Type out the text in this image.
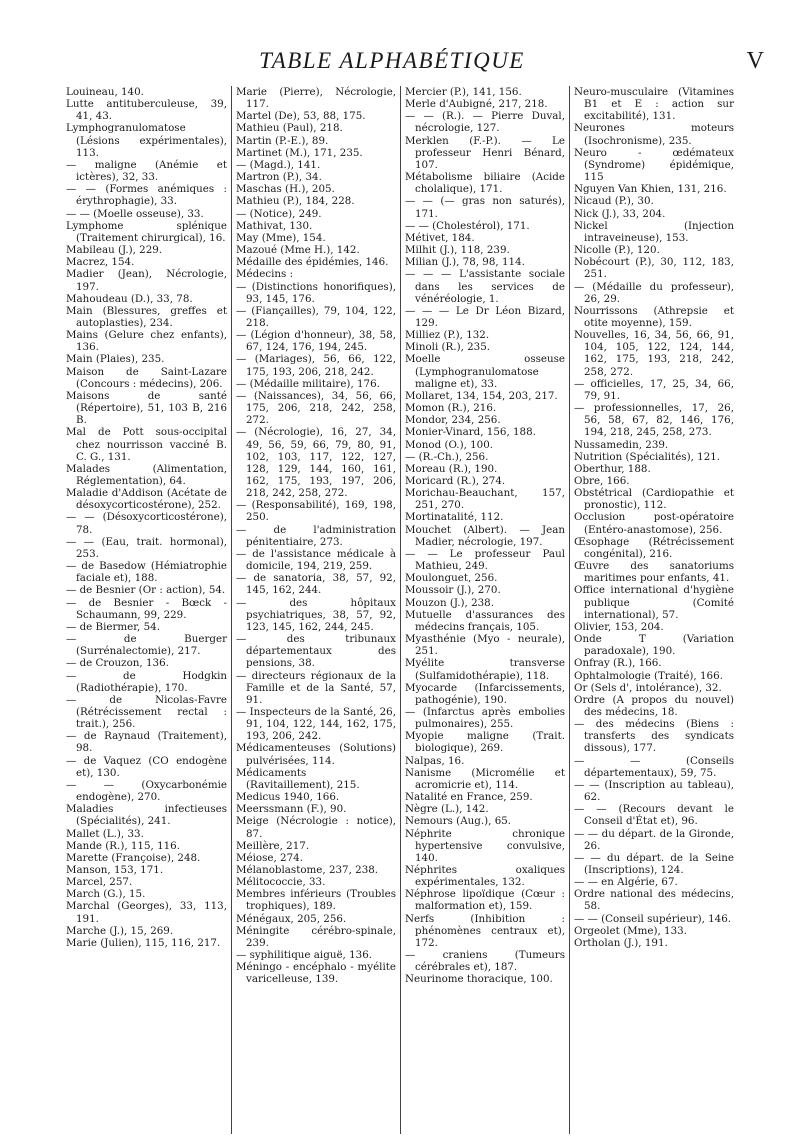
TABLE ALPHABÉTIQUE	V

Louineau, 140.

Lutte antituberculeuse, 39, 41, 43.

Lymphogranulomatose (Lésions expérimentales), 113.

— maligne (Anémie et ictères), 32, 33.

— — (Formes anémiques : érythrophagie), 33.

— — (Moelle osseuse), 33.

Lymphome splénique (Traitement chirurgical), 16.

Mabileau (J.), 229.

Macrez, 154.

Madier (Jean), Nécrologie, 197.

Mahoudeau (D.), 33, 78.

Main (Blessures, greffes et autoplasties), 234.

Mains (Gelure chez enfants), 136.

Main (Plaies), 235.

Maison de Saint-Lazare (Concours : médecins), 206.

Maisons de santé (Répertoire), 51, 103 B, 216 B.

Mal de Pott sous-occipital chez nourrisson vacciné B. C. G., 131.

Malades (Alimentation, Réglementation), 64.

Maladie d'Addison (Acétate de désoxycorticostérone), 252.

— — (Désoxycorticostérone), 78.

— — (Eau, trait. hormonal), 253.

— de Basedow (Hémiatrophie faciale et), 188.

— de Besnier (Or : action), 54.

— de Besnier - Bœck - Schaumann, 99, 229.

— de Biermer, 54.

— de Buerger (Surrénalectomie), 217.

— de Crouzon, 136.

— de Hodgkin (Radiothérapie), 170.

— de Nicolas-Favre (Rétrécissement rectal : trait.), 256.

— de Raynaud (Traitement), 98.

— de Vaquez (CO endogène et), 130.

— — (Oxycarbonémie endogène), 270.

Maladies infectieuses (Spécialités), 241.

Mallet (L.), 33.

Mande (R.), 115, 116.

Marette (Françoise), 248.

Manson, 153, 171.

Marcel, 257.

March (G.), 15.

Marchal (Georges), 33, 113, 191.

Marche (J.), 15, 269.

Marie (Julien), 115, 116, 217.

Marie (Pierre), Nécrologie, 117.

Martel (De), 53, 88, 175.

Mathieu (Paul), 218.

Martin (P.-E.), 89.

Martinet (M.), 171, 235.

— (Magd.), 141.

Martron (P.), 34.

Maschas (H.), 205.

Mathieu (P.), 184, 228.

— (Notice), 249.

Mathivat, 130.

May (Mme), 154.

Mazoué (Mme H.), 142.

Médaille des épidémies, 146.

Médecins :

— (Distinctions honorifiques), 93, 145, 176.

— (Fiançailles), 79, 104, 122, 218.

— (Légion d'honneur), 38, 58, 67, 124, 176, 194, 245.

— (Mariages), 56, 66, 122, 175, 193, 206, 218, 242.

— (Médaille militaire), 176.

— (Naissances), 34, 56, 66, 175, 206, 218, 242, 258, 272.

— (Nécrologie), 16, 27, 34, 49, 56, 59, 66, 79, 80, 91, 102, 103, 117, 122, 127, 128, 129, 144, 160, 161, 162, 175, 193, 197, 206, 218, 242, 258, 272.

— (Responsabilité), 169, 198, 250.

— de l'administration pénitentiaire, 273.

— de l'assistance médicale à domicile, 194, 219, 259.

— de sanatoria, 38, 57, 92, 145, 162, 244.

— des hôpitaux psychiatriques, 38, 57, 92, 123, 145, 162, 244, 245.

— des tribunaux départementaux des pensions, 38.

— directeurs régionaux de la Famille et de la Santé, 57, 91.

— Inspecteurs de la Santé, 26, 91, 104, 122, 144, 162, 175, 193, 206, 242.

Médicamenteuses (Solutions) pulvérisées, 114.

Médicaments (Ravitaillement), 215.

Medicus 1940, 166.

Meerssmann (F.), 90.

Meige (Nécrologie : notice), 87.

Meillère, 217.

Méiose, 274.

Mélanoblastome, 237, 238.

Mélitococcie, 33.

Membres inférieurs (Troubles trophiques), 189.

Ménégaux, 205, 256.

Méningite cérébro-spinale, 239.

— syphilitique aiguë, 136.

Méningo - encéphalo - myélite varicelleuse, 139.

Mercier (P.), 141, 156.

Merle d'Aubigné, 217, 218.

— — (R.). — Pierre Duval, nécrologie, 127.

Merklen (F.-P.). — Le professeur Henri Bénard, 107.

Métabolisme biliaire (Acide cholalique), 171.

— — (— gras non saturés), 171.

— — (Cholestérol), 171.

Métivet, 184.

Milhit (J.), 118, 239.

Milian (J.), 78, 98, 114.

— — — L'assistante sociale dans les services de vénéréologie, 1.

— — — Le Dr Léon Bizard, 129.

Milliez (P.), 132.

Minoli (R.), 235.

Moelle osseuse (Lymphogranulomatose maligne et), 33.

Mollaret, 134, 154, 203, 217.

Momon (R.), 216.

Mondor, 234, 256.

Monier-Vinard, 156, 188.

Monod (O.), 100.

— (R.-Ch.), 256.

Moreau (R.), 190.

Moricard (R.), 274.

Morichau-Beauchant, 157, 251, 270.

Mortinatalité, 112.

Mouchet (Albert). — Jean Madier, nécrologie, 197.

— — Le professeur Paul Mathieu, 249.

Moulonguet, 256.

Moussoir (J.), 270.

Mouzon (J.), 238.

Mutuelle d'assurances des médecins français, 105.

Myasthénie (Myo - neurale), 251.

Myélite transverse (Sulfamidothérapie), 118.

Myocarde (Infarcissements, pathogénie), 190.

— (Infarctus après embolies pulmonaires), 255.

Myopie maligne (Trait. biologique), 269.

Nalpas, 16.

Nanisme (Micromélie et acromicrie et), 114.

Natalité en France, 259.

Nègre (L.), 142.

Nemours (Aug.), 65.

Néphrite chronique hypertensive convulsive, 140.

Néphrites oxaliques expérimentales, 132.

Néphrose lipoïdique (Cœur : malformation et), 159.

Nerfs (Inhibition : phénomènes centraux et), 172.

— craniens (Tumeurs cérébrales et), 187.

Neurinome thoracique, 100.

Neuro-musculaire (Vitamines B1 et E : action sur excitabilité), 131.

Neurones moteurs (Isochronisme), 235.

Neuro - œdémateux (Syndrome) épidémique, 115

Nguyen Van Khien, 131, 216.

Nicaud (P.), 30.

Nick (J.), 33, 204.

Nickel (Injection intraveineuse), 153.

Nicolle (P.), 120.

Nobécourt (P.), 30, 112, 183, 251.

— (Médaille du professeur), 26, 29.

Nourrissons (Athrepsie et otite moyenne), 159.

Nouvelles, 16, 34, 56, 66, 91, 104, 105, 122, 124, 144, 162, 175, 193, 218, 242, 258, 272.

— officielles, 17, 25, 34, 66, 79, 91.

— professionnelles, 17, 26, 56, 58, 67, 82, 146, 176, 194, 218, 245, 258, 273.

Nussamedin, 239.

Nutrition (Spécialités), 121.

Oberthur, 188.

Obre, 166.

Obstétrical (Cardiopathie et pronostic), 112.

Occlusion post-opératoire (Entéro-anastomose), 256.

Œsophage (Rétrécissement congénital), 216.

Œuvre des sanatoriums maritimes pour enfants, 41.

Office international d'hygiène publique (Comité international), 57.

Olivier, 153, 204.

Onde T (Variation paradoxale), 190.

Onfray (R.), 166.

Ophtalmologie (Traité), 166.

Or (Sels d', intolérance), 32.

Ordre (A propos du nouvel) des médecins, 18.

— des médecins (Biens : transferts des syndicats dissous), 177.

— — (Conseils départementaux), 59, 75.

— — (Inscription au tableau), 62.

— — (Recours devant le Conseil d'État et), 96.

— — du départ. de la Gironde, 26.

— — du départ. de la Seine (Inscriptions), 124.

— — en Algérie, 67.

Ordre national des médecins, 58.

— — (Conseil supérieur), 146.

Orgeolet (Mme), 133.

Ortholan (J.), 191.
